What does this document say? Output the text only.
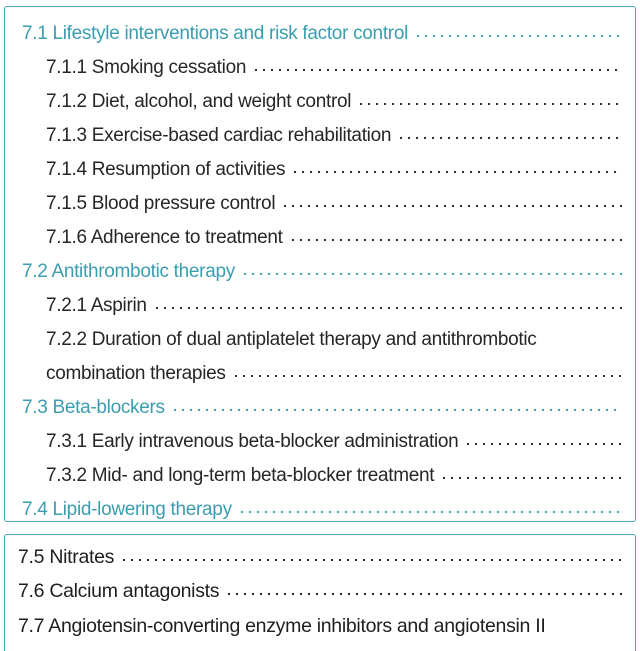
7.1 Lifestyle interventions and risk factor control
7.1.1 Smoking cessation
7.1.2 Diet, alcohol, and weight control
7.1.3 Exercise-based cardiac rehabilitation
7.1.4 Resumption of activities
7.1.5 Blood pressure control
7.1.6 Adherence to treatment
7.2 Antithrombotic therapy
7.2.1 Aspirin
7.2.2 Duration of dual antiplatelet therapy and antithrombotic
combination therapies
7.3 Beta-blockers
7.3.1 Early intravenous beta-blocker administration
7.3.2 Mid- and long-term beta-blocker treatment
7.4 Lipid-lowering therapy
7.5 Nitrates
7.6 Calcium antagonists
7.7 Angiotensin-converting enzyme inhibitors and angiotensin II
